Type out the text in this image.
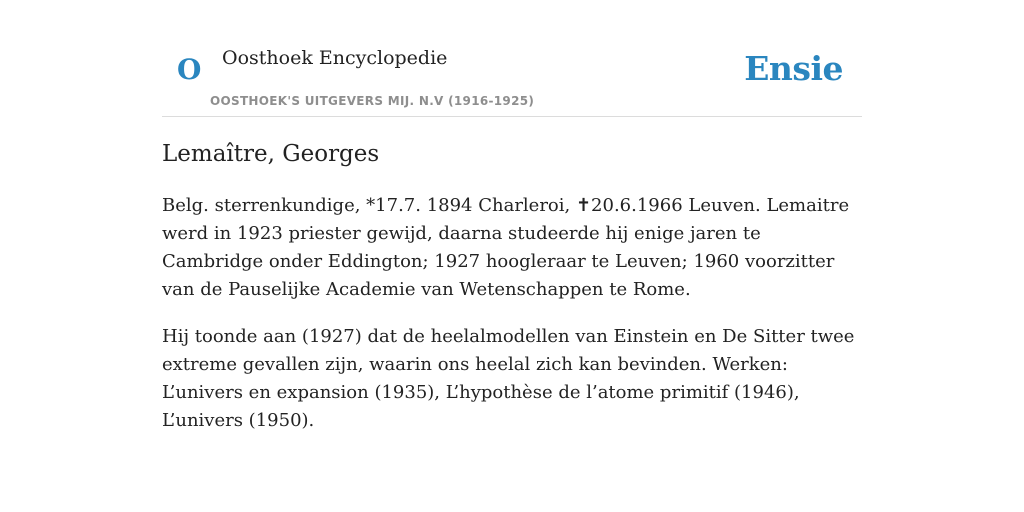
O Oosthoek Encyclopedie
OOSTHOEK'S UITGEVERS MIJ. N.V (1916-1925)
Ensie
Lemaître, Georges

Belg. sterrenkundige, *17.7. 1894 Charleroi, ✝20.6.1966 Leuven. Lemaitre werd in 1923 priester gewijd, daarna studeerde hij enige jaren te Cambridge onder Eddington; 1927 hoogleraar te Leuven; 1960 voorzitter van de Pauselijke Academie van Wetenschappen te Rome.

Hij toonde aan (1927) dat de heelalmodellen van Einstein en De Sitter twee extreme gevallen zijn, waarin ons heelal zich kan bevinden. Werken: L’univers en expansion (1935), L’hypothèse de l’atome primitif (1946), L’univers (1950).
